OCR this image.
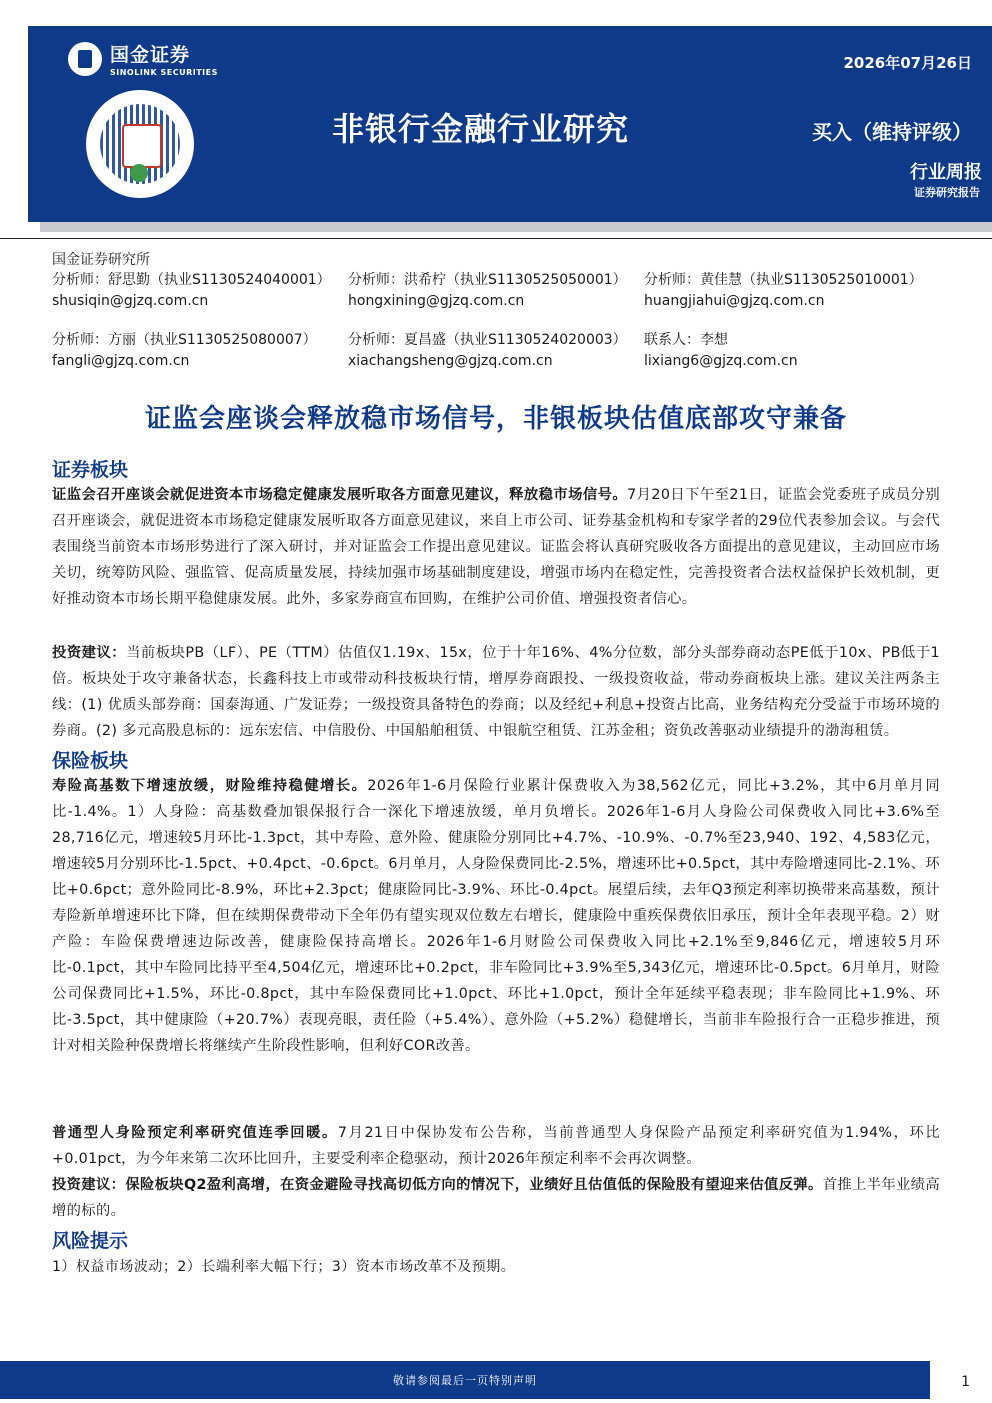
国金证券
SINOLINK SECURITIES
2026年07月26日
非银行金融行业研究	买入（维持评级）
行业周报
证券研究报告
国金证券研究所
分析师：舒思勤（执业S1130524040001）
shusiqin@gjzq.com.cn
分析师：洪希柠（执业S1130525050001）
hongxining@gjzq.com.cn
分析师：黄佳慧（执业S1130525010001）
huangjiahui@gjzq.com.cn
分析师：方丽（执业S1130525080007）
fangli@gjzq.com.cn
分析师：夏昌盛（执业S1130524020003）
xiachangsheng@gjzq.com.cn
联系人：李想
lixiang6@gjzq.com.cn
证监会座谈会释放稳市场信号，非银板块估值底部攻守兼备
证券板块
证监会召开座谈会就促进资本市场稳定健康发展听取各方面意见建议，释放稳市场信号。7月20日下午至21日，证监会党委班子成员分别召开座谈会，就促进资本市场稳定健康发展听取各方面意见建议，来自上市公司、证券基金机构和专家学者的29位代表参加会议。与会代表围绕当前资本市场形势进行了深入研讨，并对证监会工作提出意见建议。证监会将认真研究吸收各方面提出的意见建议，主动回应市场关切，统筹防风险、强监管、促高质量发展，持续加强市场基础制度建设，增强市场内在稳定性，完善投资者合法权益保护长效机制，更好推动资本市场长期平稳健康发展。此外，多家券商宣布回购，在维护公司价值、增强投资者信心。
投资建议：当前板块PB（LF）、PE（TTM）估值仅1.19x、15x，位于十年16%、4%分位数，部分头部券商动态PE低于10x、PB低于1倍。板块处于攻守兼备状态，长鑫科技上市或带动科技板块行情，增厚券商跟投、一级投资收益，带动券商板块上涨。建议关注两条主线：(1) 优质头部券商：国泰海通、广发证券；一级投资具备特色的券商；以及经纪+利息+投资占比高，业务结构充分受益于市场环境的券商。(2) 多元高股息标的：远东宏信、中信股份、中国船舶租赁、中银航空租赁、江苏金租；资负改善驱动业绩提升的渤海租赁。
保险板块
寿险高基数下增速放缓，财险维持稳健增长。2026年1-6月保险行业累计保费收入为38,562亿元，同比+3.2%，其中6月单月同比-1.4%。1）人身险：高基数叠加银保报行合一深化下增速放缓，单月负增长。2026年1-6月人身险公司保费收入同比+3.6%至28,716亿元，增速较5月环比-1.3pct，其中寿险、意外险、健康险分别同比+4.7%、-10.9%、-0.7%至23,940、192、4,583亿元，增速较5月分别环比-1.5pct、+0.4pct、-0.6pct。6月单月，人身险保费同比-2.5%，增速环比+0.5pct，其中寿险增速同比-2.1%、环比+0.6pct；意外险同比-8.9%，环比+2.3pct；健康险同比-3.9%、环比-0.4pct。展望后续，去年Q3预定利率切换带来高基数，预计寿险新单增速环比下降，但在续期保费带动下全年仍有望实现双位数左右增长，健康险中重疾保费依旧承压，预计全年表现平稳。2）财产险：车险保费增速边际改善，健康险保持高增长。2026年1-6月财险公司保费收入同比+2.1%至9,846亿元，增速较5月环比-0.1pct，其中车险同比持平至4,504亿元，增速环比+0.2pct，非车险同比+3.9%至5,343亿元，增速环比-0.5pct。6月单月，财险公司保费同比+1.5%，环比-0.8pct，其中车险保费同比+1.0pct、环比+1.0pct，预计全年延续平稳表现；非车险同比+1.9%、环比-3.5pct，其中健康险（+20.7%）表现亮眼，责任险（+5.4%）、意外险（+5.2%）稳健增长，当前非车险报行合一正稳步推进，预计对相关险种保费增长将继续产生阶段性影响，但利好COR改善。
普通型人身险预定利率研究值连季回暖。7月21日中保协发布公告称，当前普通型人身保险产品预定利率研究值为1.94%，环比+0.01pct，为今年来第二次环比回升，主要受利率企稳驱动，预计2026年预定利率不会再次调整。
投资建议：保险板块Q2盈利高增，在资金避险寻找高切低方向的情况下，业绩好且估值低的保险股有望迎来估值反弹。首推上半年业绩高增的标的。
风险提示
1）权益市场波动；2）长端利率大幅下行；3）资本市场改革不及预期。
敬请参阅最后一页特别声明	1
